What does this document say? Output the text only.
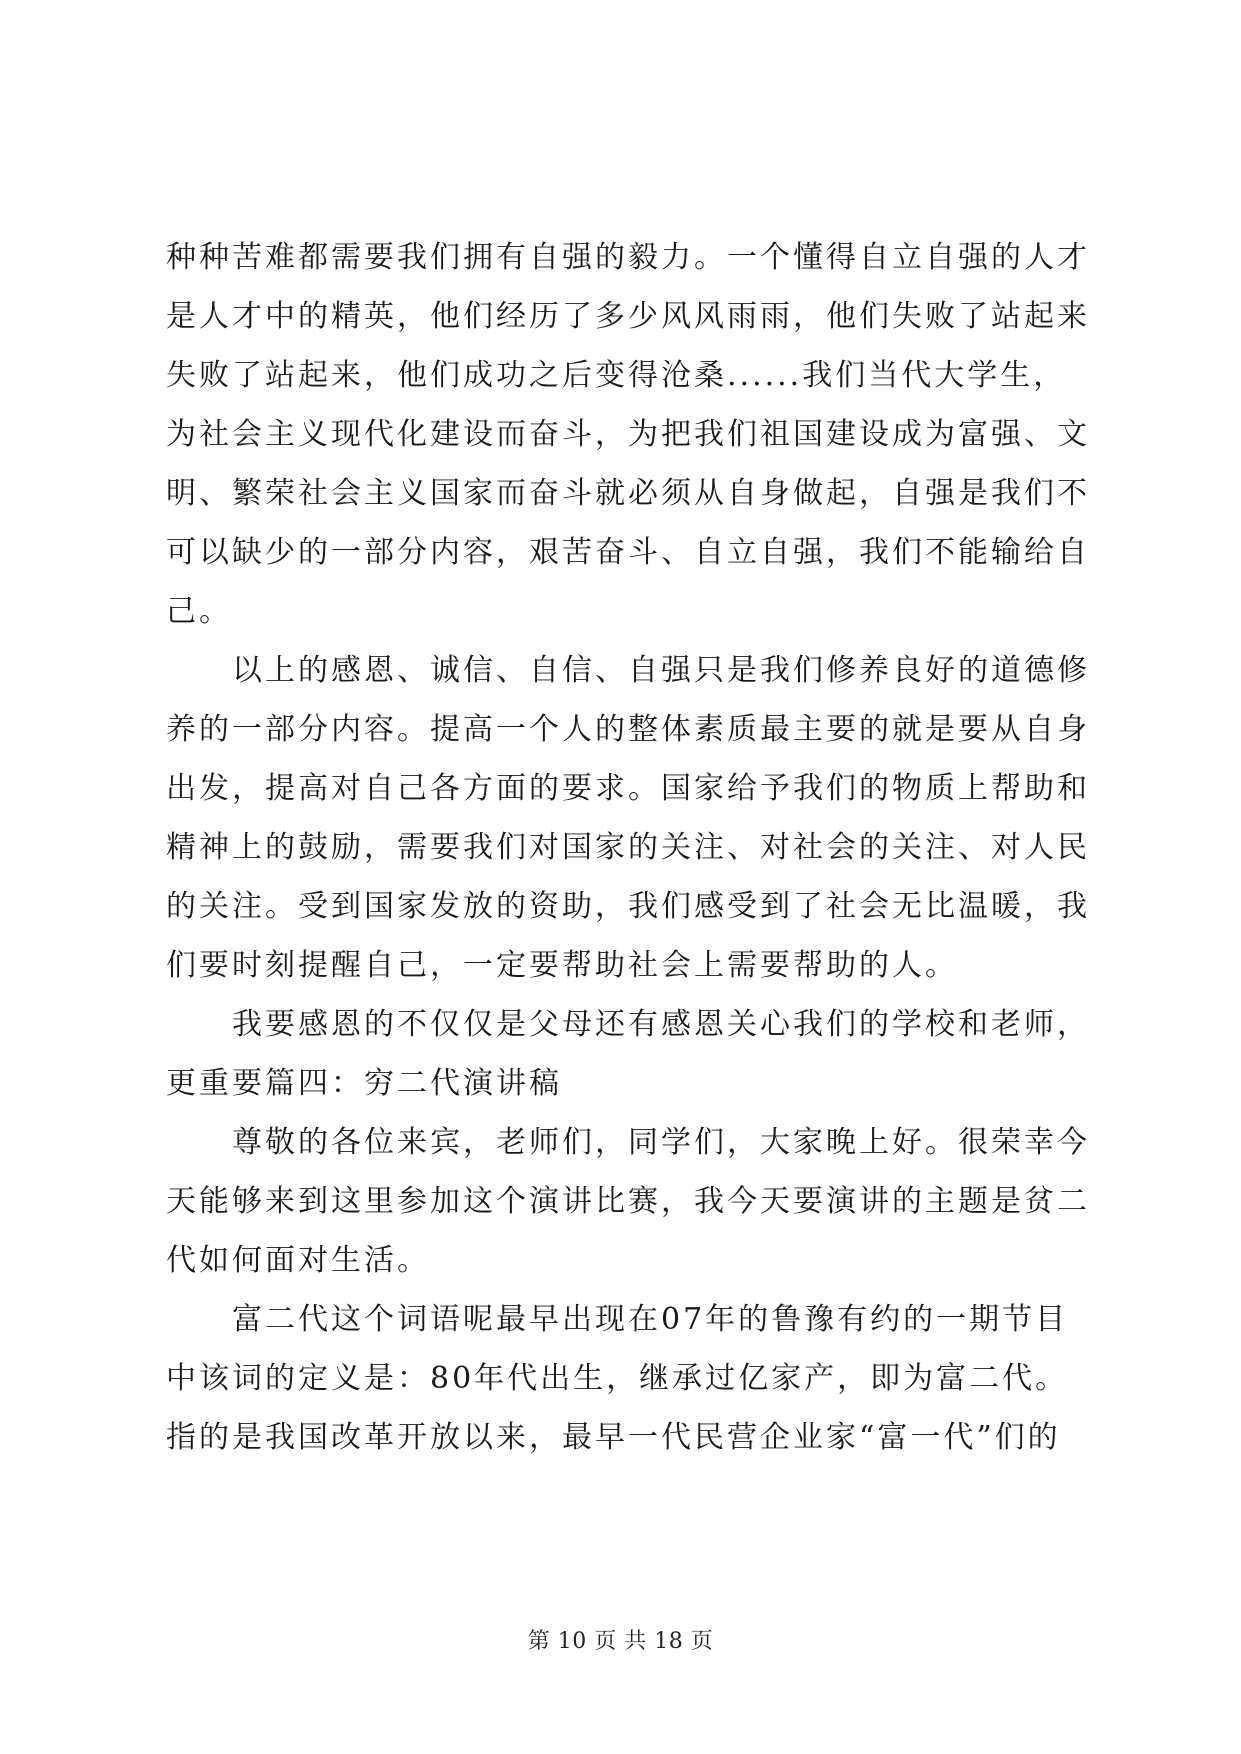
种种苦难都需要我们拥有自强的毅力。一个懂得自立自强的人才
是人才中的精英，他们经历了多少风风雨雨，他们失败了站起来
失败了站起来，他们成功之后变得沧桑......我们当代大学生，
为社会主义现代化建设而奋斗，为把我们祖国建设成为富强、文
明、繁荣社会主义国家而奋斗就必须从自身做起，自强是我们不
可以缺少的一部分内容，艰苦奋斗、自立自强，我们不能输给自
己。
　　以上的感恩、诚信、自信、自强只是我们修养良好的道德修
养的一部分内容。提高一个人的整体素质最主要的就是要从自身
出发，提高对自己各方面的要求。国家给予我们的物质上帮助和
精神上的鼓励，需要我们对国家的关注、对社会的关注、对人民
的关注。受到国家发放的资助，我们感受到了社会无比温暖，我
们要时刻提醒自己，一定要帮助社会上需要帮助的人。
　　我要感恩的不仅仅是父母还有感恩关心我们的学校和老师，
更重要篇四：穷二代演讲稿
　　尊敬的各位来宾，老师们，同学们，大家晚上好。很荣幸今
天能够来到这里参加这个演讲比赛，我今天要演讲的主题是贫二
代如何面对生活。
　　富二代这个词语呢最早出现在07年的鲁豫有约的一期节目
中该词的定义是：80年代出生，继承过亿家产，即为富二代。
指的是我国改革开放以来，最早一代民营企业家“富一代”们的
第 10 页 共 18 页
